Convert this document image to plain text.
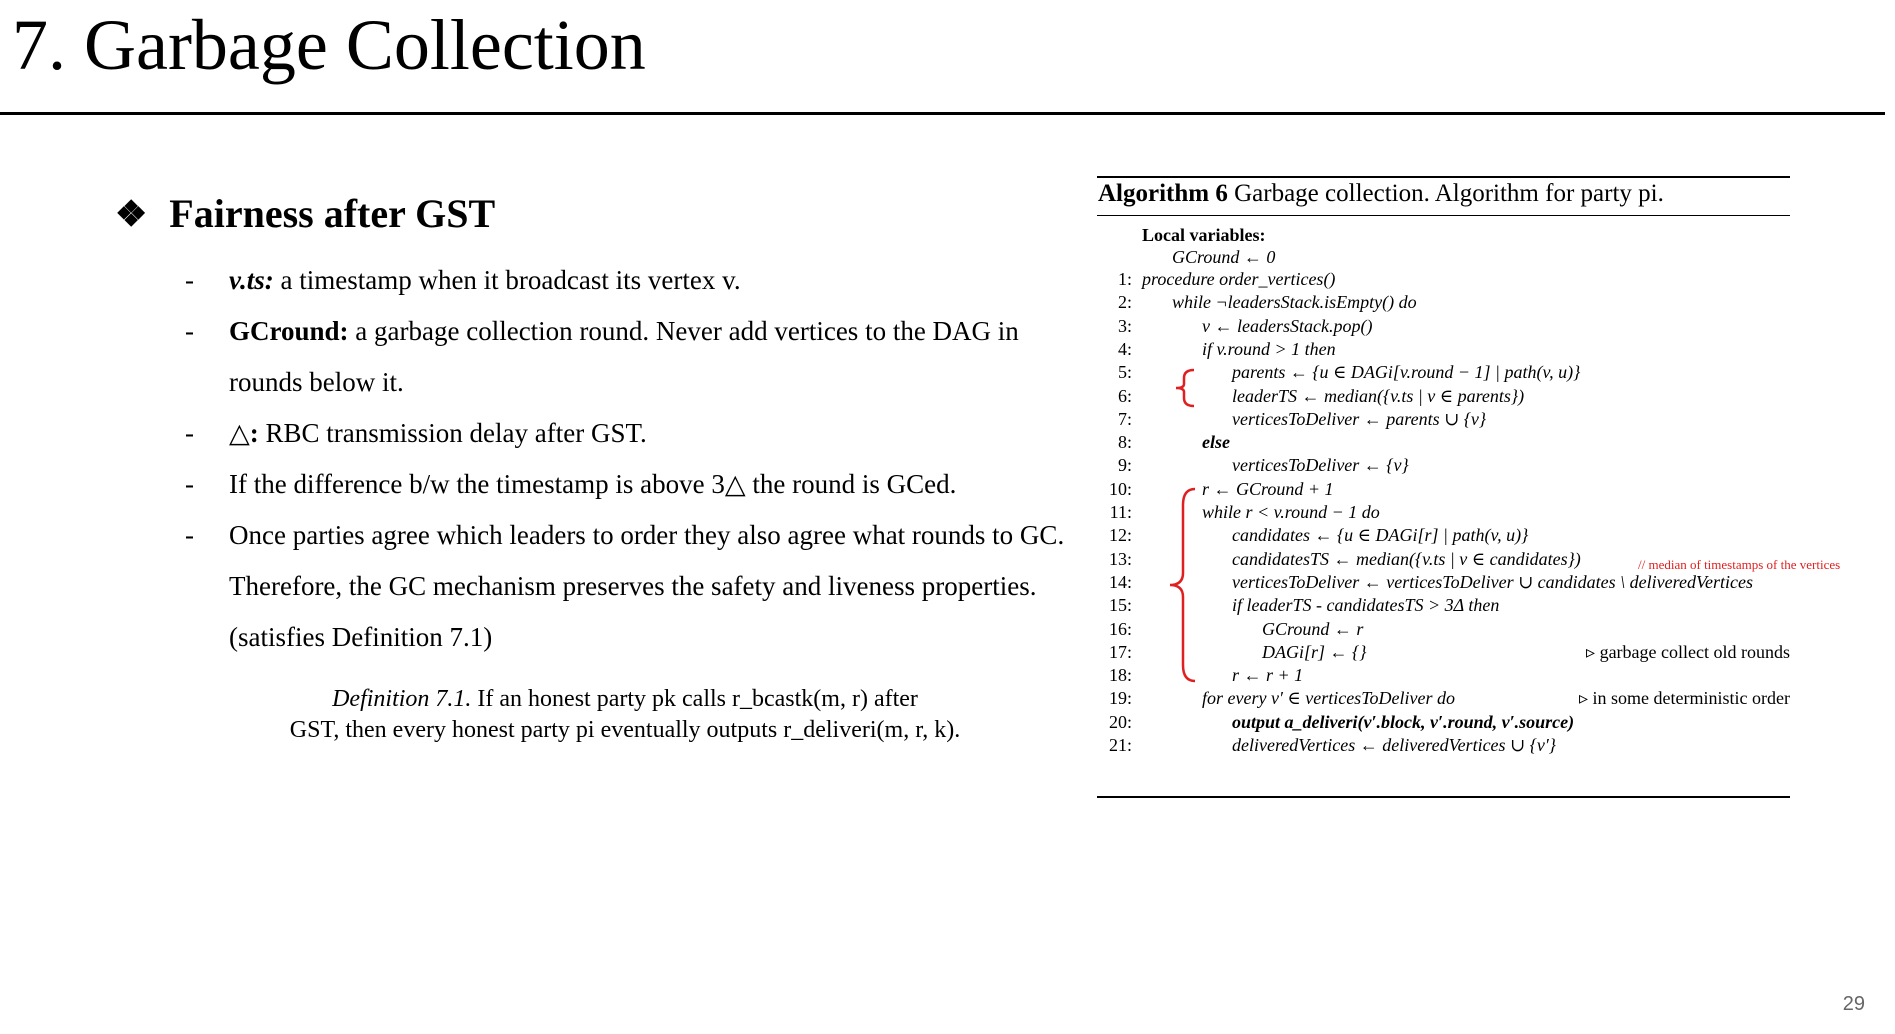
7. Garbage Collection
❖ Fairness after GST
- v.ts: a timestamp when it broadcast its vertex v.
- GCround: a garbage collection round. Never add vertices to the DAG in rounds below it.
- △: RBC transmission delay after GST.
- If the difference b/w the timestamp is above 3△ the round is GCed.
- Once parties agree which leaders to order they also agree what rounds to GC. Therefore, the GC mechanism preserves the safety and liveness properties. (satisfies Definition 7.1)
Definition 7.1. If an honest party pk calls r_bcastk(m, r) after
GST, then every honest party pi eventually outputs r_deliveri(m, r, k).
Algorithm 6 Garbage collection. Algorithm for party pi.
Local variables:
GCround ← 0
1: procedure order_vertices()
2: while ¬leadersStack.isEmpty() do
3:	v ← leadersStack.pop()
4:	if v.round > 1 then
5:	parents ← {u ∈ DAGi[v.round − 1] | path(v, u)}
6:	leaderTS ← median({v.ts | v ∈ parents})
7:	verticesToDeliver ← parents ∪ {v}
8:	else
9:	verticesToDeliver ← {v}
10:	r ← GCround + 1
11:	while r < v.round − 1 do
12:	candidates ← {u ∈ DAGi[r] | path(v, u)}
13:	candidatesTS ← median({v.ts | v ∈ candidates})
14:	verticesToDeliver ← verticesToDeliver ∪ candidates \ deliveredVertices
15:	if leaderTS - candidatesTS > 3Δ then
16:	GCround ← r
17:	DAGi[r] ← {}	▹ garbage collect old rounds
18:	r ← r + 1
19:	for every v′ ∈ verticesToDeliver do	▹ in some deterministic order
20:	output a_deliveri(v′.block, v′.round, v′.source)
21:	deliveredVertices ← deliveredVertices ∪ {v′}
// median of timestamps of the vertices
29
